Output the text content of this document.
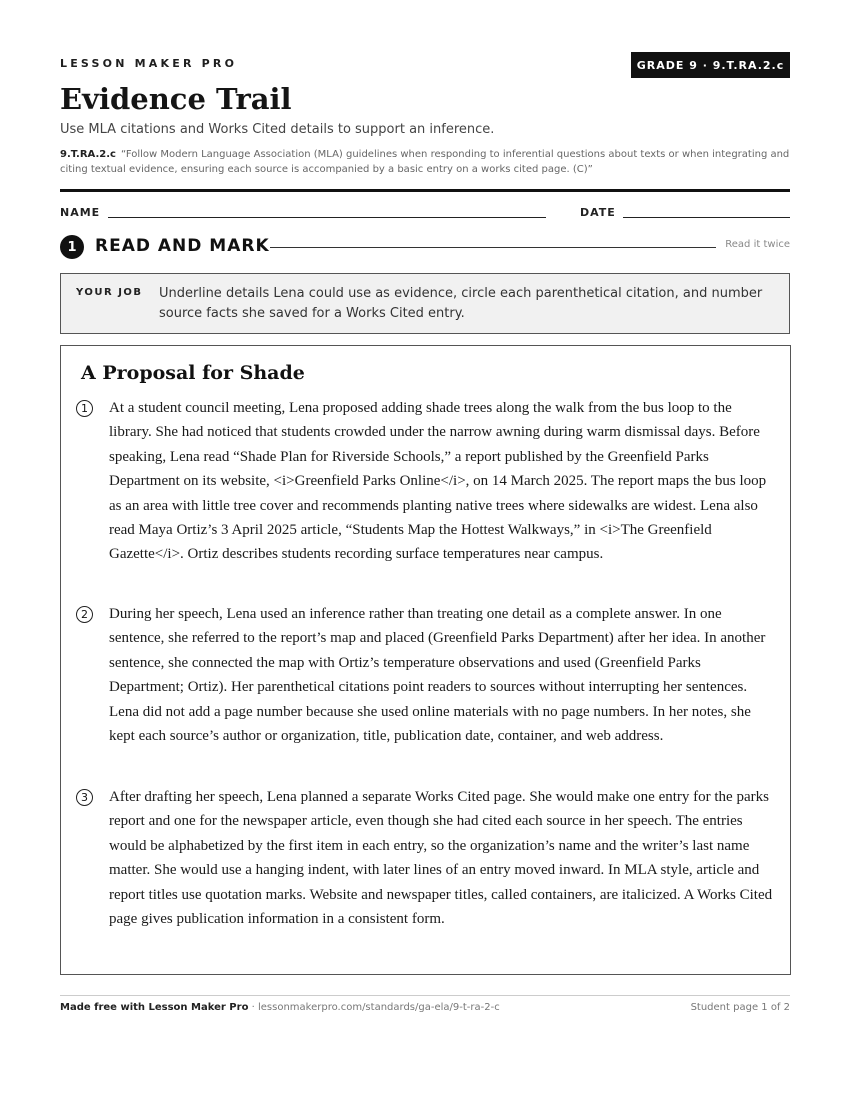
LESSON MAKER PRO	GRADE 9 · 9.T.RA.2.c
Evidence Trail
Use MLA citations and Works Cited details to support an inference.
9.T.RA.2.c “Follow Modern Language Association (MLA) guidelines when responding to inferential questions about texts or when integrating and citing textual evidence, ensuring each source is accompanied by a basic entry on a works cited page. (C)”
NAME	DATE
1	READ AND MARK	Read it twice
YOUR JOB Underline details Lena could use as evidence, circle each parenthetical citation, and number source facts she saved for a Works Cited entry.
A Proposal for Shade
1	At a student council meeting, Lena proposed adding shade trees along the walk from the bus loop to the library. She had noticed that students crowded under the narrow awning during warm dismissal days. Before speaking, Lena read “Shade Plan for Riverside Schools,” a report published by the Greenfield Parks Department on its website, <i>Greenfield Parks Online</i>, on 14 March 2025. The report maps the bus loop as an area with little tree cover and recommends planting native trees where sidewalks are widest. Lena also read Maya Ortiz’s 3 April 2025 article, “Students Map the Hottest Walkways,” in <i>The Greenfield Gazette</i>. Ortiz describes students recording surface temperatures near campus.
2	During her speech, Lena used an inference rather than treating one detail as a complete answer. In one sentence, she referred to the report’s map and placed (Greenfield Parks Department) after her idea. In another sentence, she connected the map with Ortiz’s temperature observations and used (Greenfield Parks Department; Ortiz). Her parenthetical citations point readers to sources without interrupting her sentences. Lena did not add a page number because she used online materials with no page numbers. In her notes, she kept each source’s author or organization, title, publication date, container, and web address.
3	After drafting her speech, Lena planned a separate Works Cited page. She would make one entry for the parks report and one for the newspaper article, even though she had cited each source in her speech. The entries would be alphabetized by the first item in each entry, so the organization’s name and the writer’s last name matter. She would use a hanging indent, with later lines of an entry moved inward. In MLA style, article and report titles use quotation marks. Website and newspaper titles, called containers, are italicized. A Works Cited page gives publication information in a consistent form.
Made free with Lesson Maker Pro · lessonmakerpro.com/standards/ga-ela/9-t-ra-2-c	Student page 1 of 2
